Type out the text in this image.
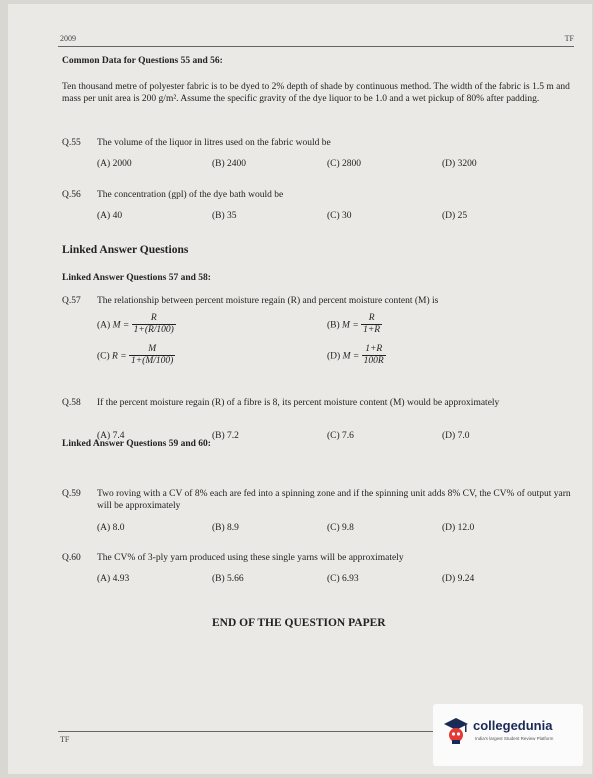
2009	TF
Common Data for Questions 55 and 56:
Ten thousand metre of polyester fabric is to be dyed to 2% depth of shade by continuous method. The width of the fabric is 1.5 m and mass per unit area is 200 g/m². Assume the specific gravity of the dye liquor to be 1.0 and a wet pickup of 80% after padding.
Q.55 The volume of the liquor in litres used on the fabric would be
(A) 2000	(B) 2400	(C) 2800	(D) 3200
Q.56 The concentration (gpl) of the dye bath would be
(A) 40	(B) 35	(C) 30	(D) 25
Linked Answer Questions
Linked Answer Questions 57 and 58:
Q.57 The relationship between percent moisture regain (R) and percent moisture content (M) is
(A) $M = \frac{R}{1+(R/100)}$	(B) $M = \frac{R}{1+R}$
(C) $R = \frac{M}{1+(M/100)}$	(D) $M = \frac{1+R}{100R}$
Q.58 If the percent moisture regain (R) of a fibre is 8, its percent moisture content (M) would be approximately
(A) 7.4	(B) 7.2	(C) 7.6	(D) 7.0
Linked Answer Questions 59 and 60:
Q.59 Two roving with a CV of 8% each are fed into a spinning zone and if the spinning unit adds 8% CV, the CV% of output yarn will be approximately
(A) 8.0	(B) 8.9	(C) 9.8	(D) 12.0
Q.60 The CV% of 3-ply yarn produced using these single yarns will be approximately
(A) 4.93	(B) 5.66	(C) 6.93	(D) 9.24
END OF THE QUESTION PAPER
TF
collegedunia
India's largest Student Review Platform
